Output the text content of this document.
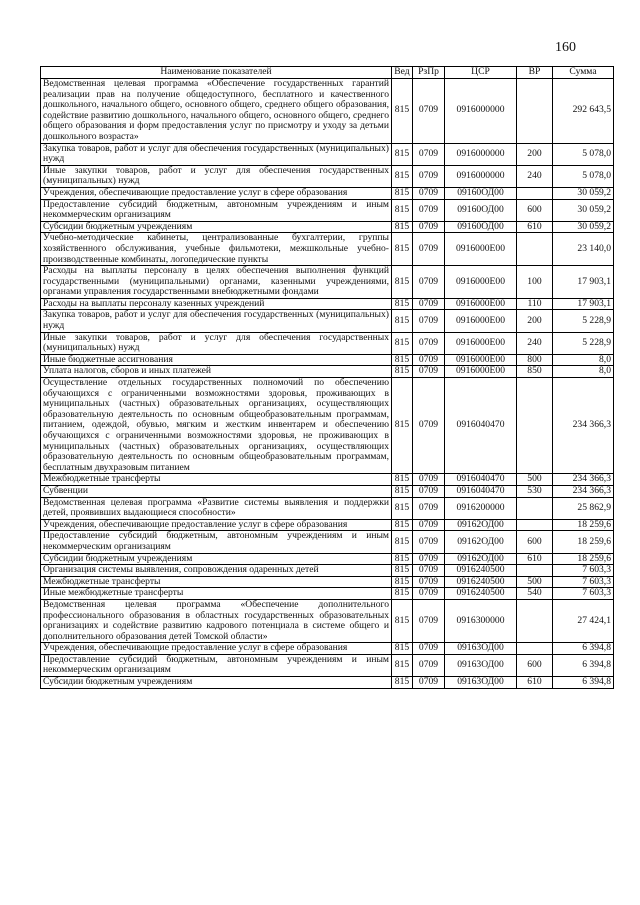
160
Наименование показателей	Вед	РзПр	ЦСР	ВР	Сумма
Ведомственная целевая программа «Обеспечение государственных гарантий реализации прав на получение общедоступного, бесплатного и качественного дошкольного, начального общего, основного общего, среднего общего образования, содействие развитию дошкольного, начального общего, основного общего, среднего общего образования и форм предоставления услуг по присмотру и уходу за детьми дошкольного возраста»	815	0709	0916000000		292 643,5
Закупка товаров, работ и услуг для обеспечения государственных (муниципальных) нужд	815	0709	0916000000	200	5 078,0
Иные закупки товаров, работ и услуг для обеспечения государственных (муниципальных) нужд	815	0709	0916000000	240	5 078,0
Учреждения, обеспечивающие предоставление услуг в сфере образования	815	0709	09160ОД00		30 059,2
Предоставление субсидий бюджетным, автономным учреждениям и иным некоммерческим организациям	815	0709	09160ОД00	600	30 059,2
Субсидии бюджетным учреждениям	815	0709	09160ОД00	610	30 059,2
Учебно-методические кабинеты, централизованные бухгалтерии, группы хозяйственного обслуживания, учебные фильмотеки, межшкольные учебно-производственные комбинаты, логопедические пункты	815	0709	0916000Е00		23 140,0
Расходы на выплаты персоналу в целях обеспечения выполнения функций государственными (муниципальными) органами, казенными учреждениями, органами управления государственными внебюджетными фондами	815	0709	0916000Е00	100	17 903,1
Расходы на выплаты персоналу казенных учреждений	815	0709	0916000Е00	110	17 903,1
Закупка товаров, работ и услуг для обеспечения государственных (муниципальных) нужд	815	0709	0916000Е00	200	5 228,9
Иные закупки товаров, работ и услуг для обеспечения государственных (муниципальных) нужд	815	0709	0916000Е00	240	5 228,9
Иные бюджетные ассигнования	815	0709	0916000Е00	800	8,0
Уплата налогов, сборов и иных платежей	815	0709	0916000Е00	850	8,0
Осуществление отдельных государственных полномочий по обеспечению обучающихся с ограниченными возможностями здоровья, проживающих в муниципальных (частных) образовательных организациях, осуществляющих образовательную деятельность по основным общеобразовательным программам, питанием, одеждой, обувью, мягким и жестким инвентарем и обеспечению обучающихся с ограниченными возможностями здоровья, не проживающих в муниципальных (частных) образовательных организациях, осуществляющих образовательную деятельность по основным общеобразовательным программам, бесплатным двухразовым питанием	815	0709	0916040470		234 366,3
Межбюджетные трансферты	815	0709	0916040470	500	234 366,3
Субвенции	815	0709	0916040470	530	234 366,3
Ведомственная целевая программа «Развитие системы выявления и поддержки детей, проявивших выдающиеся способности»	815	0709	0916200000		25 862,9
Учреждения, обеспечивающие предоставление услуг в сфере образования	815	0709	09162ОД00		18 259,6
Предоставление субсидий бюджетным, автономным учреждениям и иным некоммерческим организациям	815	0709	09162ОД00	600	18 259,6
Субсидии бюджетным учреждениям	815	0709	09162ОД00	610	18 259,6
Организация системы выявления, сопровождения одаренных детей	815	0709	0916240500		7 603,3
Межбюджетные трансферты	815	0709	0916240500	500	7 603,3
Иные межбюджетные трансферты	815	0709	0916240500	540	7 603,3
Ведомственная целевая программа «Обеспечение дополнительного профессионального образования в областных государственных образовательных организациях и содействие развитию кадрового потенциала в системе общего и дополнительного образования детей Томской области»	815	0709	0916300000		27 424,1
Учреждения, обеспечивающие предоставление услуг в сфере образования	815	0709	09163ОД00		6 394,8
Предоставление субсидий бюджетным, автономным учреждениям и иным некоммерческим организациям	815	0709	09163ОД00	600	6 394,8
Субсидии бюджетным учреждениям	815	0709	09163ОД00	610	6 394,8
